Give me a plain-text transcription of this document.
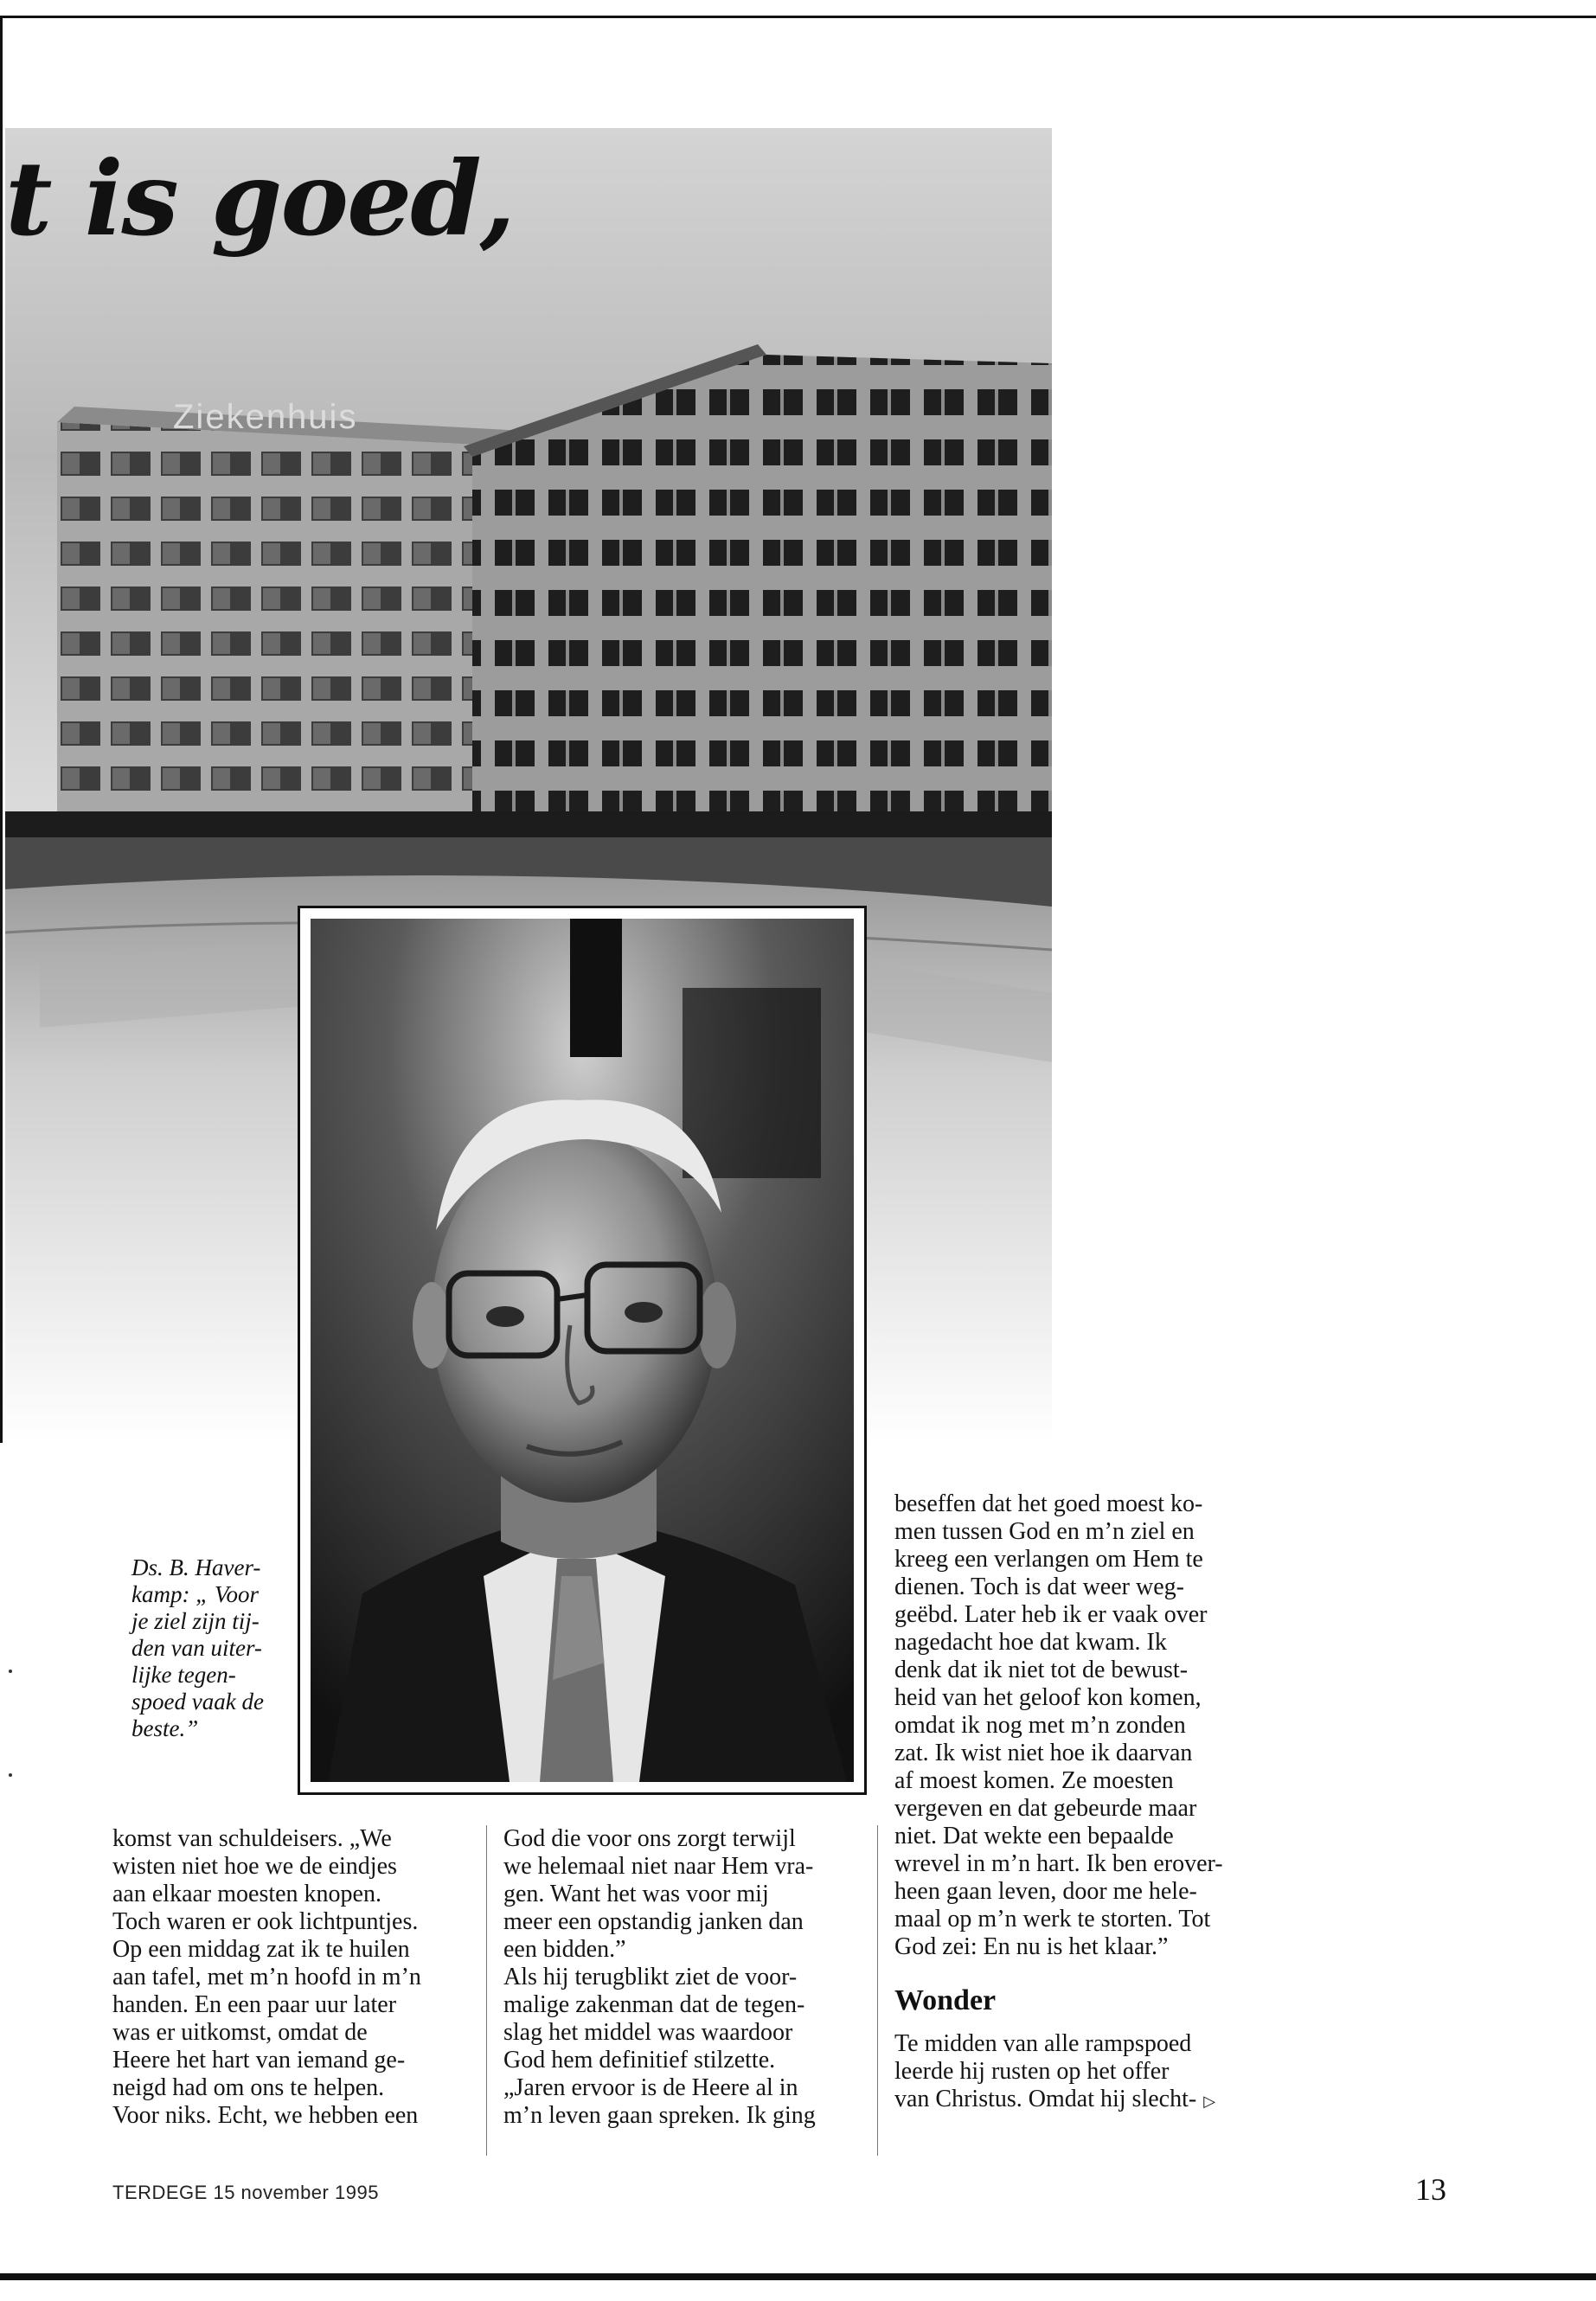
t is goed,
Ziekenhuis

Ds. B. Haver-

kamp: „ Voor

je ziel zijn tij-

den van uiter-

lijke tegen-

spoed vaak de

beste.”

komst van schuldeisers. „We

wisten niet hoe we de eindjes

aan elkaar moesten knopen.

Toch waren er ook lichtpuntjes.

Op een middag zat ik te huilen

aan tafel, met m’n hoofd in m’n

handen. En een paar uur later

was er uitkomst, omdat de

Heere het hart van iemand ge-

neigd had om ons te helpen.

Voor niks. Echt, we hebben een

God die voor ons zorgt terwijl

we helemaal niet naar Hem vra-

gen. Want het was voor mij

meer een opstandig janken dan

een bidden.”

Als hij terugblikt ziet de voor-

malige zakenman dat de tegen-

slag het middel was waardoor

God hem definitief stilzette.

„Jaren ervoor is de Heere al in

m’n leven gaan spreken. Ik ging

beseffen dat het goed moest ko-

men tussen God en m’n ziel en

kreeg een verlangen om Hem te

dienen. Toch is dat weer weg-

geëbd. Later heb ik er vaak over

nagedacht hoe dat kwam. Ik

denk dat ik niet tot de bewust-

heid van het geloof kon komen,

omdat ik nog met m’n zonden

zat. Ik wist niet hoe ik daarvan

af moest komen. Ze moesten

vergeven en dat gebeurde maar

niet. Dat wekte een bepaalde

wrevel in m’n hart. Ik ben erover-

heen gaan leven, door me hele-

maal op m’n werk te storten. Tot

God zei: En nu is het klaar.”

Wonder

Te midden van alle rampspoed

leerde hij rusten op het offer

van Christus. Omdat hij slecht- ▷

TERDEGE 15 november 1995	13
